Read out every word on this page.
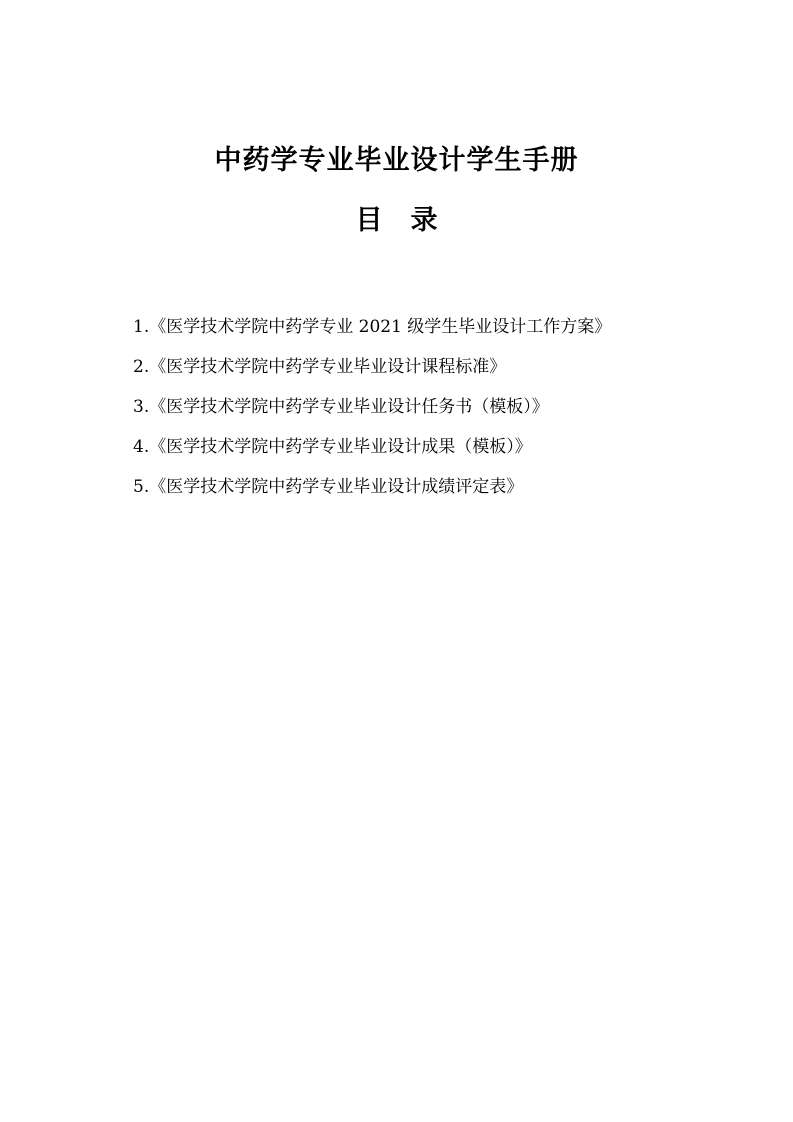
中药学专业毕业设计学生手册
目 录
1.《医学技术学院中药学专业 2021 级学生毕业设计工作方案》
2.《医学技术学院中药学专业毕业设计课程标准》
3.《医学技术学院中药学专业毕业设计任务书（模板）》
4.《医学技术学院中药学专业毕业设计成果（模板）》
5.《医学技术学院中药学专业毕业设计成绩评定表》
